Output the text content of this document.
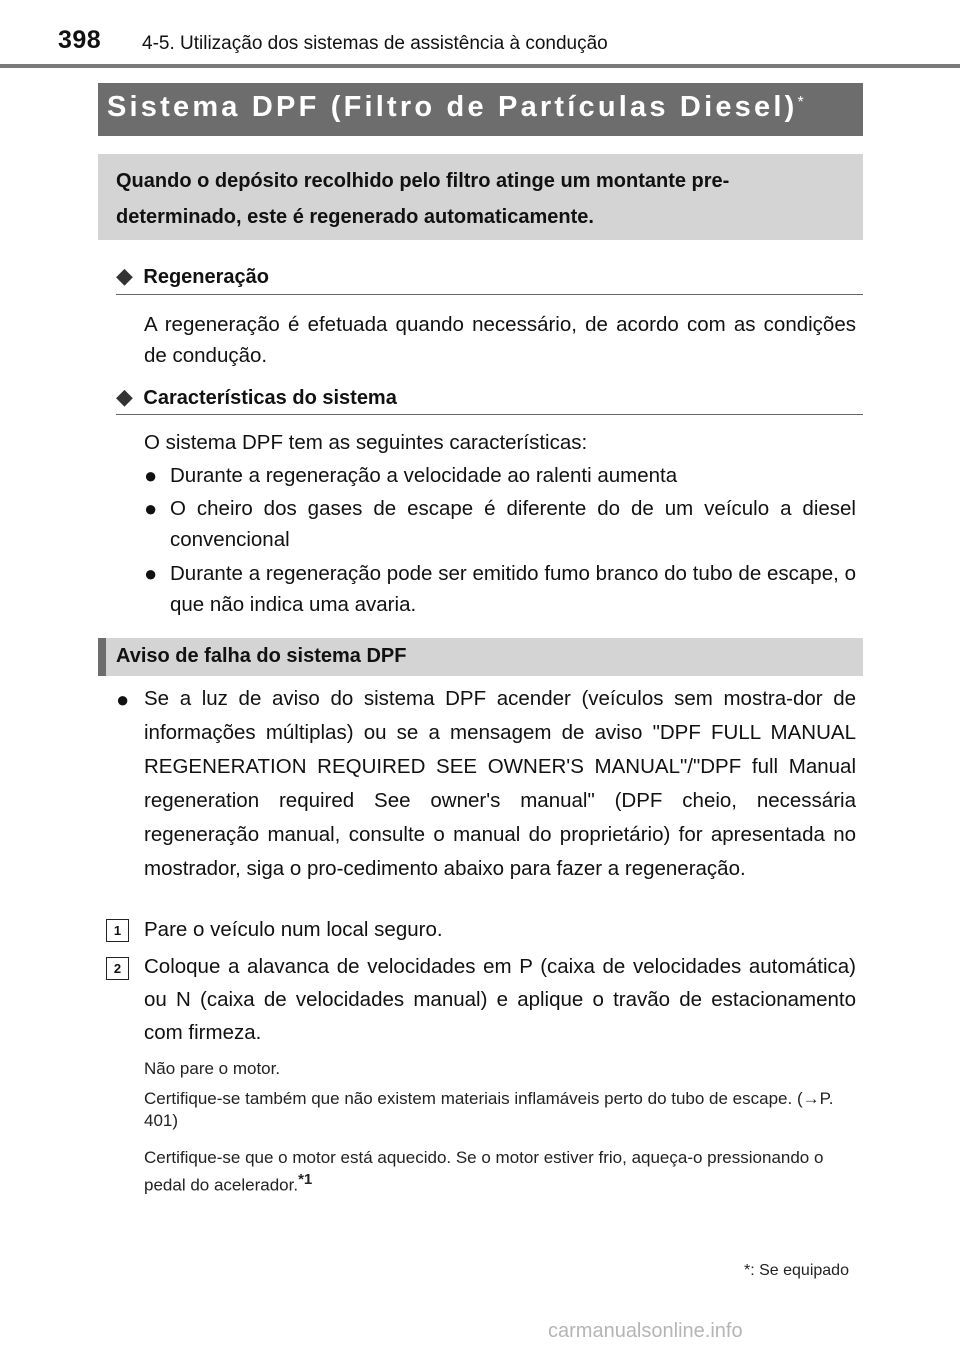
398 4-5. Utilização dos sistemas de assistência à condução
Sistema DPF (Filtro de Partículas Diesel)*
Quando o depósito recolhido pelo filtro atinge um montante pre-
determinado, este é regenerado automaticamente.
◆ Regeneração
A regeneração é efetuada quando necessário, de acordo com as condições de condução.
◆ Características do sistema
O sistema DPF tem as seguintes características:
● Durante a regeneração a velocidade ao ralenti aumenta
● O cheiro dos gases de escape é diferente do de um veículo a diesel convencional
● Durante a regeneração pode ser emitido fumo branco do tubo de escape, o que não indica uma avaria.
Aviso de falha do sistema DPF
● Se a luz de aviso do sistema DPF acender (veículos sem mostra-dor de informações múltiplas) ou se a mensagem de aviso "DPF FULL MANUAL REGENERATION REQUIRED SEE OWNER'S MANUAL"/"DPF full Manual regeneration required See owner's manual" (DPF cheio, necessária regeneração manual, consulte o manual do proprietário) for apresentada no mostrador, siga o pro-cedimento abaixo para fazer a regeneração.
1	Pare o veículo num local seguro.
2	Coloque a alavanca de velocidades em P (caixa de velocidades automática) ou N (caixa de velocidades manual) e aplique o travão de estacionamento com firmeza.
Não pare o motor.
Certifique-se também que não existem materiais inflamáveis perto do tubo de escape. (→P. 401)
Certifique-se que o motor está aquecido. Se o motor estiver frio, aqueça-o pressionando o pedal do acelerador.$^{*1}$
*: Se equipado
carmanualsonline.info
